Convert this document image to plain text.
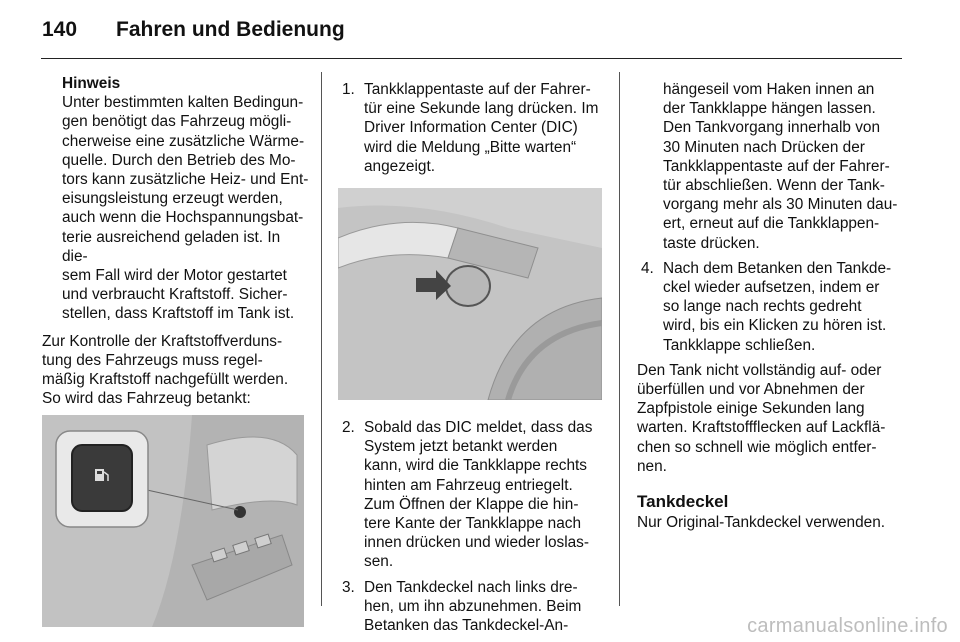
140 Fahren und Bedienung
Hinweis
Unter bestimmten kalten Bedingun-
gen benötigt das Fahrzeug mögli-
cherweise eine zusätzliche Wärme-
quelle. Durch den Betrieb des Mo-
tors kann zusätzliche Heiz- und Ent-
eisungsleistung erzeugt werden,
auch wenn die Hochspannungsbat-
terie ausreichend geladen ist. In die-
sem Fall wird der Motor gestartet
und verbraucht Kraftstoff. Sicher-
stellen, dass Kraftstoff im Tank ist.
Zur Kontrolle der Kraftstoffverduns-
tung des Fahrzeugs muss regel-
mäßig Kraftstoff nachgefüllt werden.
So wird das Fahrzeug betankt:
1. Tankklappentaste auf der Fahrer-
tür eine Sekunde lang drücken. Im
Driver Information Center (DIC)
wird die Meldung „Bitte warten“
angezeigt.
2. Sobald das DIC meldet, dass das
System jetzt betankt werden
kann, wird die Tankklappe rechts
hinten am Fahrzeug entriegelt.
Zum Öffnen der Klappe die hin-
tere Kante der Tankklappe nach
innen drücken und wieder loslas-
sen.
3. Den Tankdeckel nach links dre-
hen, um ihn abzunehmen. Beim
Betanken das Tankdeckel-An-
hängeseil vom Haken innen an
der Tankklappe hängen lassen.
Den Tankvorgang innerhalb von
30 Minuten nach Drücken der
Tankklappentaste auf der Fahrer-
tür abschließen. Wenn der Tank-
vorgang mehr als 30 Minuten dau-
ert, erneut auf die Tankklappen-
taste drücken.
4. Nach dem Betanken den Tankde-
ckel wieder aufsetzen, indem er
so lange nach rechts gedreht
wird, bis ein Klicken zu hören ist.
Tankklappe schließen.
Den Tank nicht vollständig auf- oder
überfüllen und vor Abnehmen der
Zapfpistole einige Sekunden lang
warten. Kraftstoffflecken auf Lackflä-
chen so schnell wie möglich entfer-
nen.
Tankdeckel
Nur Original-Tankdeckel verwenden.
carmanualsonline.info
